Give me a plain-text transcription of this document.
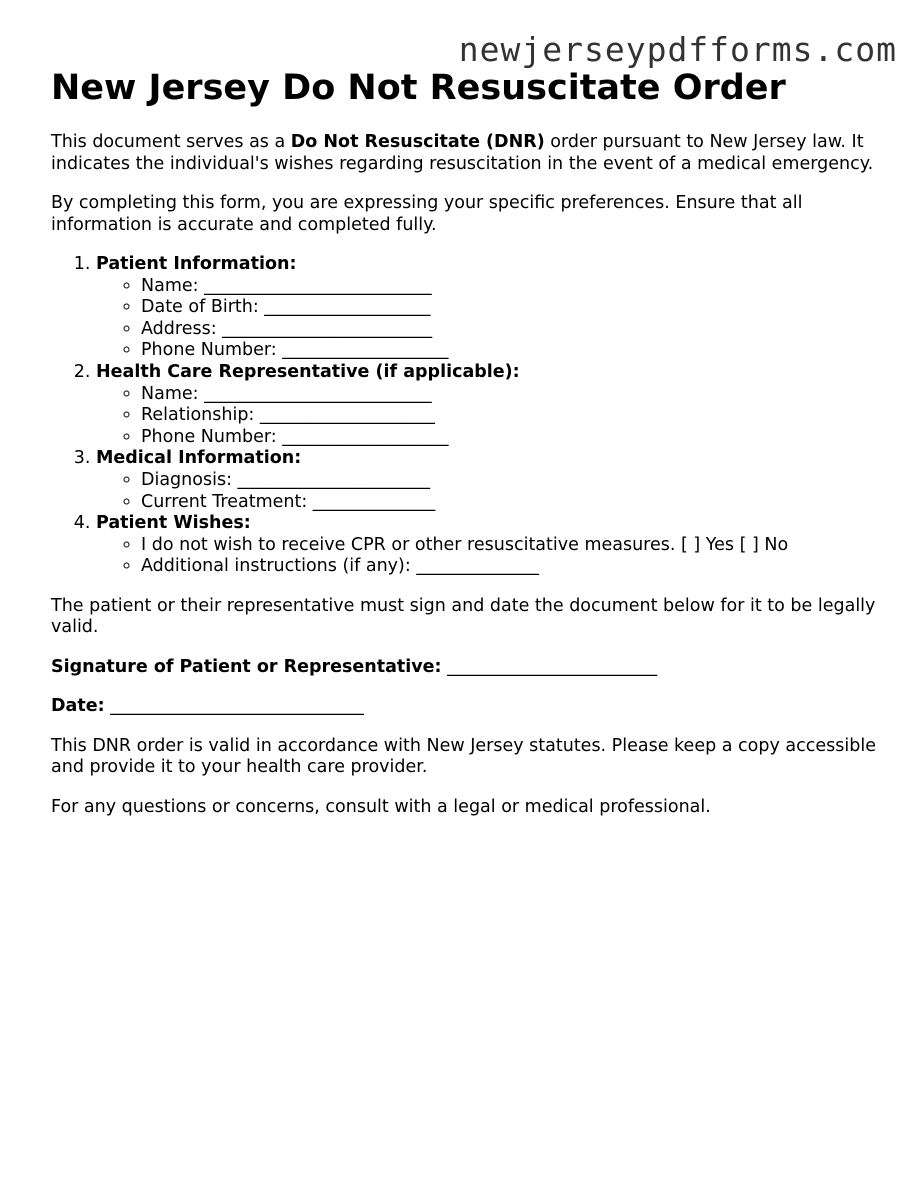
newjerseypdfforms.com
New Jersey Do Not Resuscitate Order

This document serves as a Do Not Resuscitate (DNR) order pursuant to New Jersey law. It indicates the individual's wishes regarding resuscitation in the event of a medical emergency.

By completing this form, you are expressing your specific preferences. Ensure that all information is accurate and completed fully.

1. Patient Information:
◦ Name: __________________________
◦ Date of Birth: ___________________
◦ Address: ________________________
◦ Phone Number: ___________________
2. Health Care Representative (if applicable):
◦ Name: __________________________
◦ Relationship: ____________________
◦ Phone Number: ___________________
3. Medical Information:
◦ Diagnosis: ______________________
◦ Current Treatment: ______________
4. Patient Wishes:
◦ I do not wish to receive CPR or other resuscitative measures. [ ] Yes [ ] No
◦ Additional instructions (if any): ______________

The patient or their representative must sign and date the document below for it to be legally valid.

Signature of Patient or Representative: ________________________
Date: _____________________________

This DNR order is valid in accordance with New Jersey statutes. Please keep a copy accessible and provide it to your health care provider.

For any questions or concerns, consult with a legal or medical professional.
